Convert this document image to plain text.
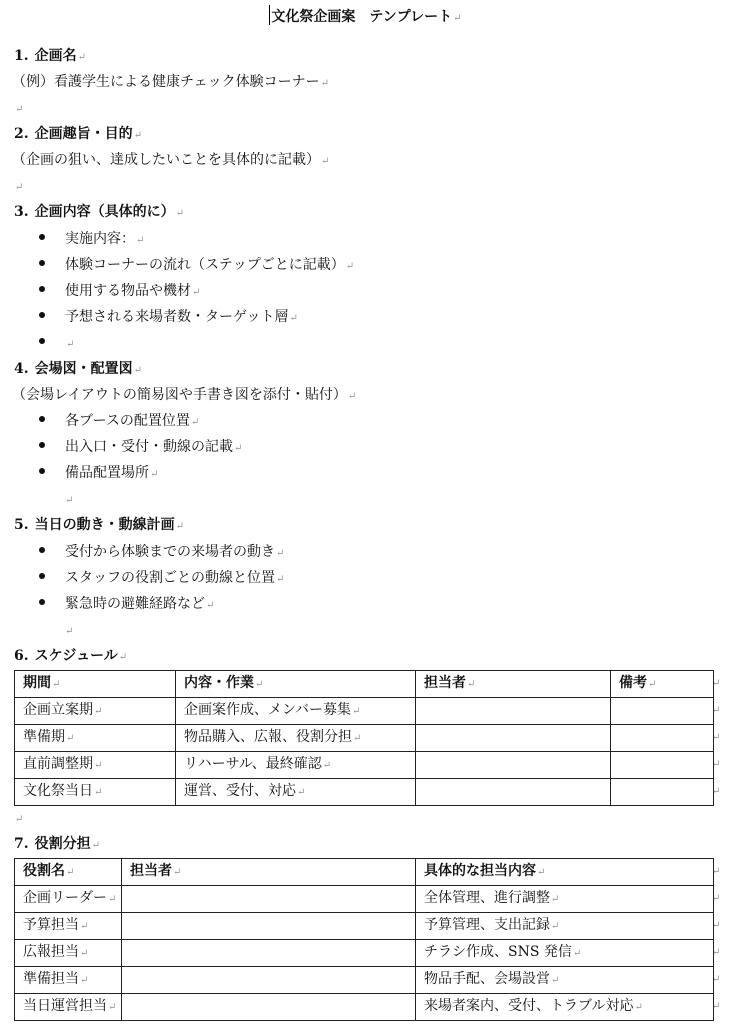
文化祭企画案　テンプレート↵
1. 企画名↵
（例）看護学生による健康チェック体験コーナー↵
↵
2. 企画趣旨・目的↵
（企画の狙い、達成したいことを具体的に記載）↵
↵
3. 企画内容（具体的に）↵
実施内容：↵
体験コーナーの流れ（ステップごとに記載）↵
使用する物品や機材↵
予想される来場者数・ターゲット層↵
↵
4. 会場図・配置図↵
（会場レイアウトの簡易図や手書き図を添付・貼付）↵
各ブースの配置位置↵
出入口・受付・動線の記載↵
備品配置場所↵
↵
5. 当日の動き・動線計画↵
受付から体験までの来場者の動き↵
スタッフの役割ごとの動線と位置↵
緊急時の避難経路など↵
↵
6. スケジュール↵
期間↵	内容・作業↵	担当者↵	備考↵
企画立案期↵	企画案作成、メンバー募集↵		
準備期↵	物品購入、広報、役割分担↵		
直前調整期↵	リハーサル、最終確認↵		
文化祭当日↵	運営、受付、対応↵		
↵
↵
↵
↵
↵
↵
7. 役割分担↵
役割名↵	担当者↵	具体的な担当内容↵
企画リーダー↵		全体管理、進行調整↵
予算担当↵		予算管理、支出記録↵
広報担当↵		チラシ作成、SNS 発信↵
準備担当↵		物品手配、会場設営↵
当日運営担当↵		来場者案内、受付、トラブル対応↵
↵
↵
↵
↵
↵
↵
